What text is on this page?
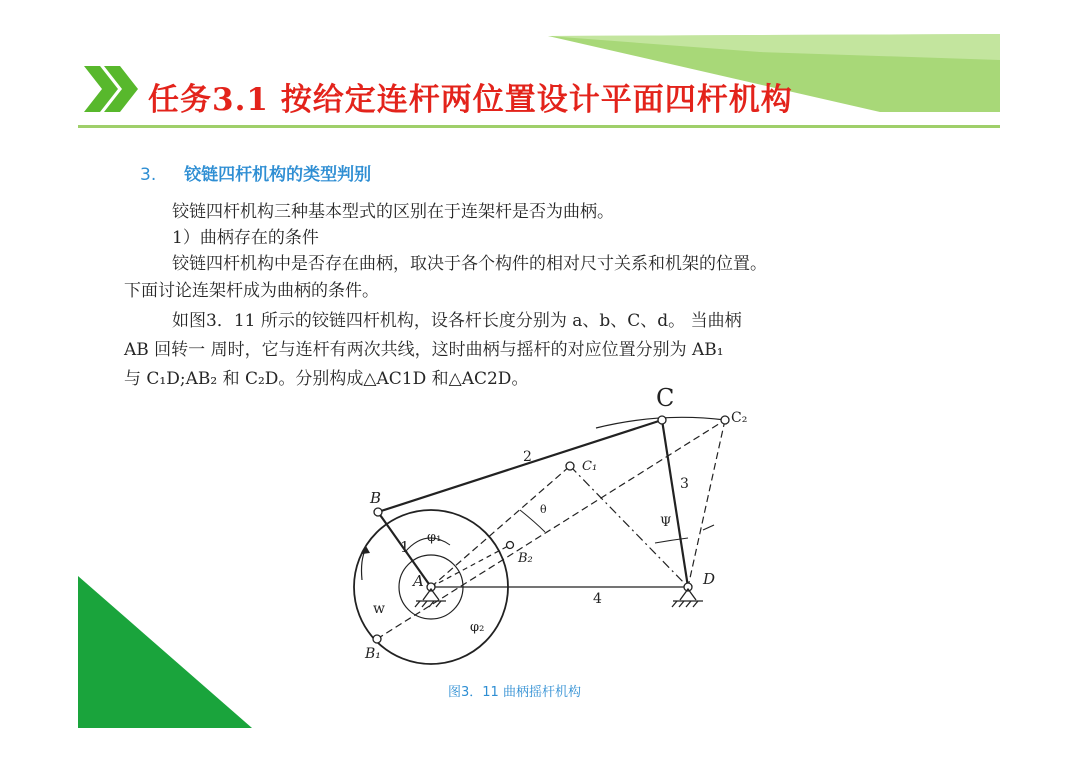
任务3.1 按给定连杆两位置设计平面四杆机构
3. 铰链四杆机构的类型判别
铰链四杆机构三种基本型式的区别在于连架杆是否为曲柄。
1）曲柄存在的条件
铰链四杆机构中是否存在曲柄，取决于各个构件的相对尺寸关系和机架的位置。
下面讨论连架杆成为曲柄的条件。
如图3．11 所示的铰链四杆机构，设各杆长度分别为 a、b、C、d。 当曲柄
AB 回转一 周时，它与连杆有两次共线，这时曲柄与摇杆的对应位置分别为 AB₁
与 C₁D;AB₂ 和 C₂D。分别构成△AC1D 和△AC2D。
C
C₂
C₁
B
B₁
B₂
A	D
1
2
3
4
φ₁
φ₂
θ
Ψ
w
图3．11 曲柄摇杆机构
